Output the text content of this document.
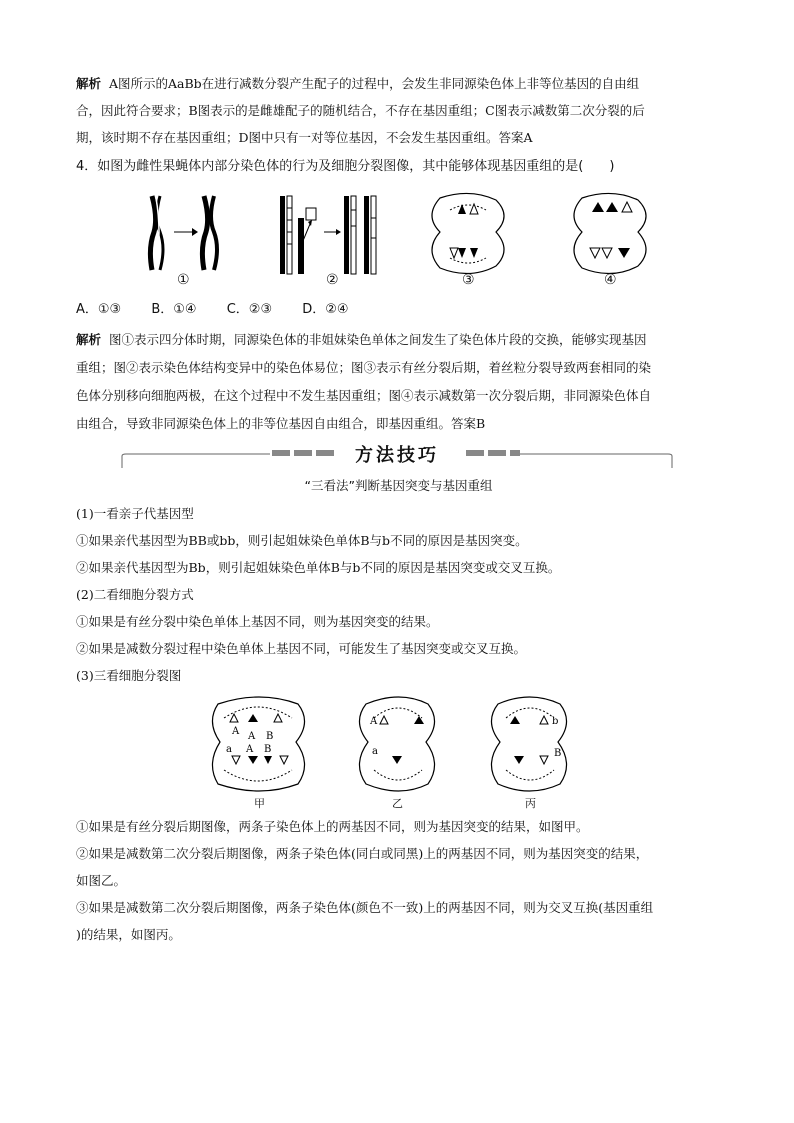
解析 A图所示的AaBb在进行减数分裂产生配子的过程中，会发生非同源染色体上非等位基因的自由组
合，因此符合要求；B图表示的是雌雄配子的随机结合，不存在基因重组；C图表示减数第二次分裂的后
期，该时期不存在基因重组；D图中只有一对等位基因，不会发生基因重组。答案A
4．如图为雌性果蝇体内部分染色体的行为及细胞分裂图像，其中能够体现基因重组的是(　　)
①	②	③	④
A．①③ B．①④ C．②③ D．②④
解析 图①表示四分体时期，同源染色体的非姐妹染色单体之间发生了染色体片段的交换，能够实现基因
重组；图②表示染色体结构变异中的染色体易位；图③表示有丝分裂后期，着丝粒分裂导致两套相同的染
色体分别移向细胞两极，在这个过程中不发生基因重组；图④表示减数第一次分裂后期，非同源染色体自
由组合，导致非同源染色体上的非等位基因自由组合，即基因重组。答案B
方法技巧
“三看法”判断基因突变与基因重组
(1)一看亲子代基因型
①如果亲代基因型为BB或bb，则引起姐妹染色单体B与b不同的原因是基因突变。
②如果亲代基因型为Bb，则引起姐妹染色单体B与b不同的原因是基因突变或交叉互换。
(2)二看细胞分裂方式
①如果是有丝分裂中染色单体上基因不同，则为基因突变的结果。
②如果是减数分裂过程中染色单体上基因不同，可能发生了基因突变或交叉互换。
(3)三看细胞分裂图
A A B
a A B
A
a
b
B
甲	乙	丙
①如果是有丝分裂后期图像，两条子染色体上的两基因不同，则为基因突变的结果，如图甲。
②如果是减数第二次分裂后期图像，两条子染色体(同白或同黑)上的两基因不同，则为基因突变的结果，
如图乙。
③如果是减数第二次分裂后期图像，两条子染色体(颜色不一致)上的两基因不同，则为交叉互换(基因重组
)的结果，如图丙。
